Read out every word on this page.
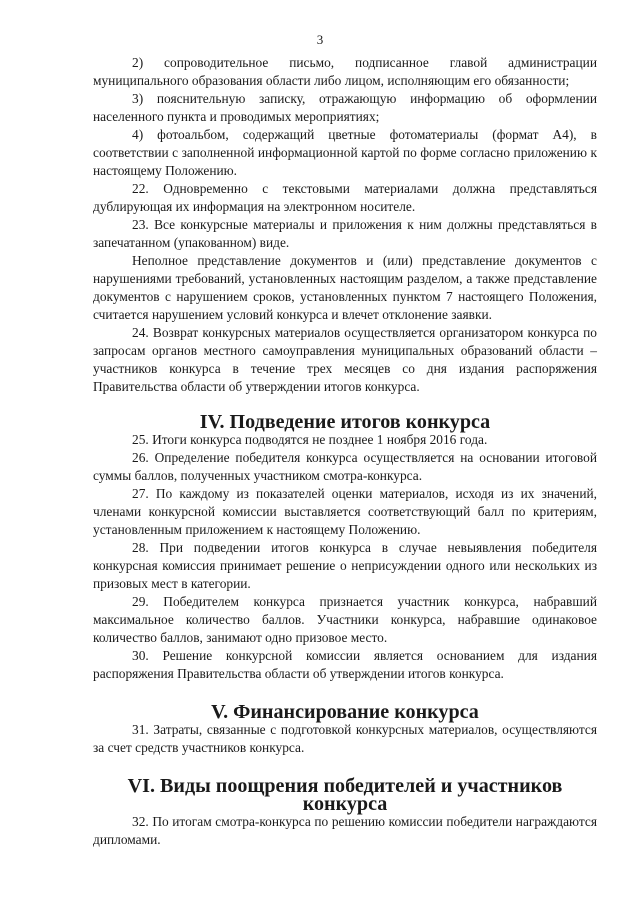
3

2) сопроводительное письмо, подписанное главой администрации муниципального образования области либо лицом, исполняющим его обязанности;

3) пояснительную записку, отражающую информацию об оформлении населенного пункта и проводимых мероприятиях;

4) фотоальбом, содержащий цветные фотоматериалы (формат А4), в соответствии с заполненной информационной картой по форме согласно приложению к настоящему Положению.

22. Одновременно с текстовыми материалами должна представляться дублирующая их информация на электронном носителе.

23. Все конкурсные материалы и приложения к ним должны представляться в запечатанном (упакованном) виде.

Неполное представление документов и (или) представление документов с нарушениями требований, установленных настоящим разделом, а также представление документов с нарушением сроков, установленных пунктом 7 настоящего Положения, считается нарушением условий конкурса и влечет отклонение заявки.

24. Возврат конкурсных материалов осуществляется организатором конкурса по запросам органов местного самоуправления муниципальных образований области – участников конкурса в течение трех месяцев со дня издания распоряжения Правительства области об утверждении итогов конкурса.

IV. Подведение итогов конкурса

25. Итоги конкурса подводятся не позднее 1 ноября 2016 года.

26. Определение победителя конкурса осуществляется на основании итоговой суммы баллов, полученных участником смотра-конкурса.

27. По каждому из показателей оценки материалов, исходя из их значений, членами конкурсной комиссии выставляется соответствующий балл по критериям, установленным приложением к настоящему Положению.

28. При подведении итогов конкурса в случае невыявления победителя конкурсная комиссия принимает решение о неприсуждении одного или нескольких из призовых мест в категории.

29. Победителем конкурса признается участник конкурса, набравший максимальное количество баллов. Участники конкурса, набравшие одинаковое количество баллов, занимают одно призовое место.

30. Решение конкурсной комиссии является основанием для издания распоряжения Правительства области об утверждении итогов конкурса.

V. Финансирование конкурса

31. Затраты, связанные с подготовкой конкурсных материалов, осуществляются за счет средств участников конкурса.

VI. Виды поощрения победителей и участников конкурса

32. По итогам смотра-конкурса по решению комиссии победители награждаются дипломами.
